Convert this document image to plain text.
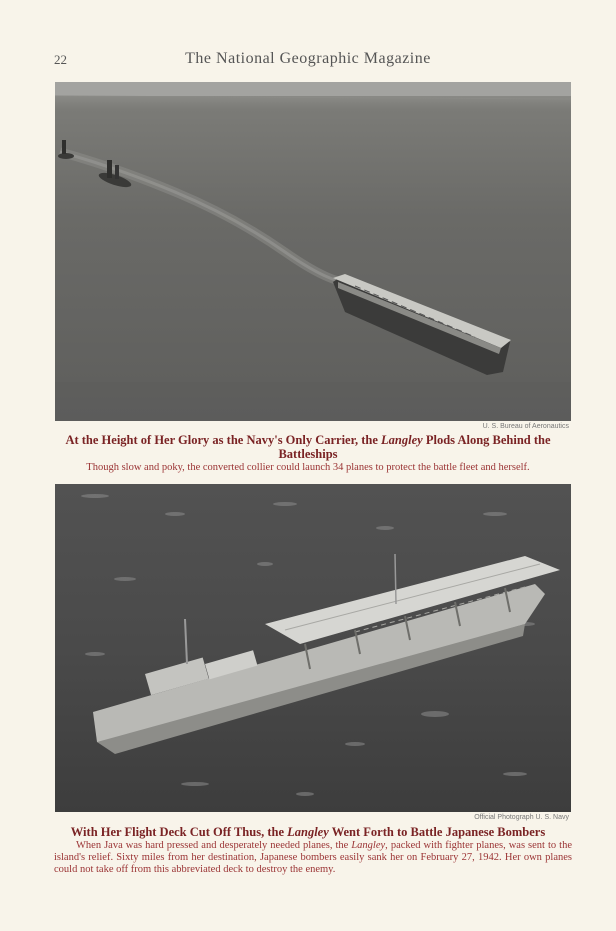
22	The National Geographic Magazine
U. S. Bureau of Aeronautics
At the Height of Her Glory as the Navy's Only Carrier, the Langley Plods Along Behind the Battleships
Though slow and poky, the converted collier could launch 34 planes to protect the battle fleet and herself.
Official Photograph U. S. Navy
With Her Flight Deck Cut Off Thus, the Langley Went Forth to Battle Japanese Bombers
When Java was hard pressed and desperately needed planes, the Langley, packed with fighter planes, was sent to the island's relief. Sixty miles from her destination, Japanese bombers easily sank her on February 27, 1942. Her own planes could not take off from this abbreviated deck to destroy the enemy.
